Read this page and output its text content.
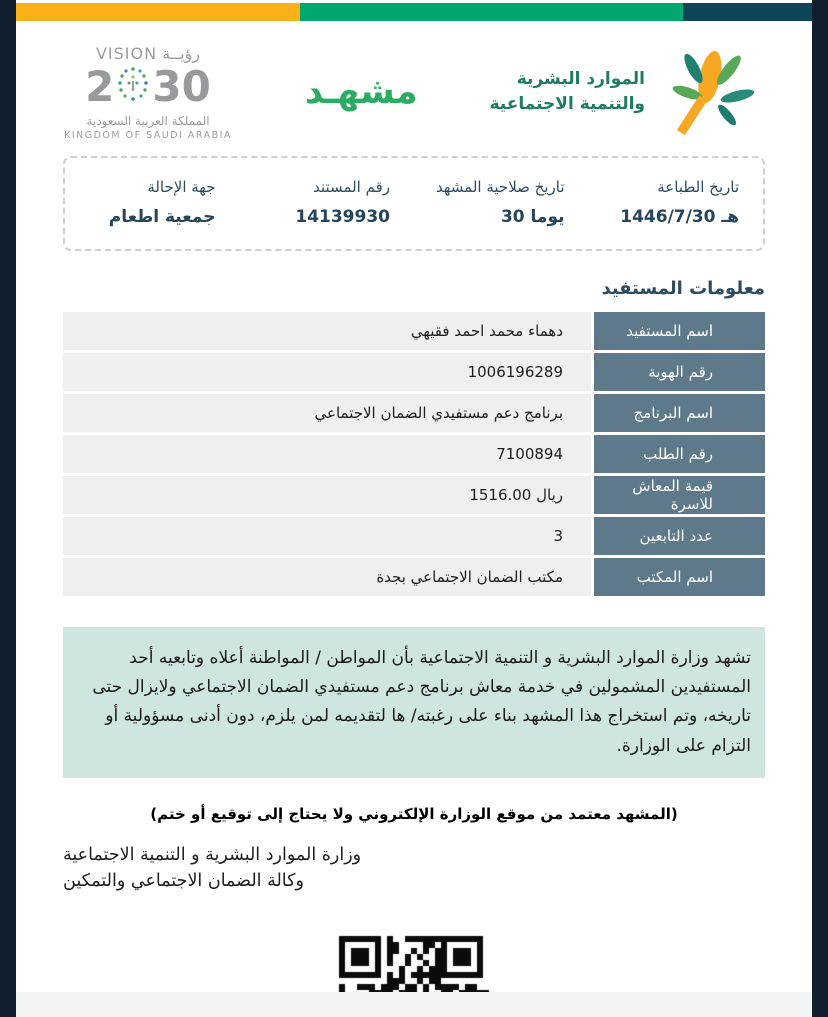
الموارد البشرية
والتنمية الاجتماعية
مشهـد
رؤيــة VISION
2 30
المملكة العربية السعودية
KINGDOM OF SAUDI ARABIA
تاريخ الطباعة
1446/7/30 هـ
تاريخ صلاحية المشهد
30 يوما
رقم المستند
14139930
جهة الإحالة
جمعية اطعام
معلومات المستفيد
اسم المستفيد
دهماء محمد احمد فقيهي
رقم الهوية
1006196289
اسم البرنامج
برنامج دعم مستفيدي الضمان الاجتماعي
رقم الطلب
7100894
قيمة المعاش للاسرة
1516.00 ريال
عدد التابعين
3
اسم المكتب
مكتب الضمان الاجتماعي بجدة
تشهد وزارة الموارد البشرية و التنمية الاجتماعية بأن المواطن / المواطنة أعلاه وتابعيه أحد المستفيدين المشمولين في خدمة معاش برنامج دعم مستفيدي الضمان الاجتماعي ولايزال حتى تاريخه، وتم استخراج هذا المشهد بناء على رغبته/ ها لتقديمه لمن يلزم، دون أدنى مسؤولية أو التزام على الوزارة.
(المشهد معتمد من موقع الوزارة الإلكتروني ولا يحتاج إلى توقيع أو ختم)
وزارة الموارد البشرية و التنمية الاجتماعية
وكالة الضمان الاجتماعي والتمكين
